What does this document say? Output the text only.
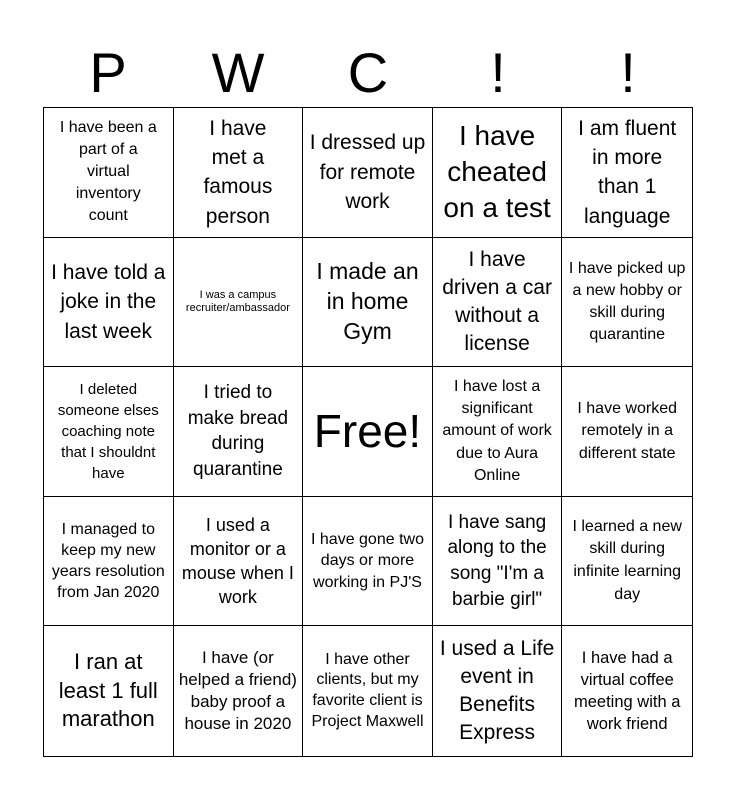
P	W	C	!	!
I have been a part of a virtual inventory count
I have met a famous person
I dressed up for remote work
I have cheated on a test
I am fluent in more than 1 language
I have told a joke in the last week
I was a campus recruiter/ambassador
I made an in home Gym
I have driven a car without a license
I have picked up a new hobby or skill during quarantine
I deleted someone elses coaching note that I shouldnt have
I tried to make bread during quarantine
Free!
I have lost a significant amount of work due to Aura Online
I have worked remotely in a different state
I managed to keep my new years resolution from Jan 2020
I used a monitor or a mouse when I work
I have gone two days or more working in PJ'S
I have sang along to the song "I'm a barbie girl"
I learned a new skill during infinite learning day
I ran at least 1 full marathon
I have (or helped a friend) baby proof a house in 2020
I have other clients, but my favorite client is Project Maxwell
I used a Life event in Benefits Express
I have had a virtual coffee meeting with a work friend
